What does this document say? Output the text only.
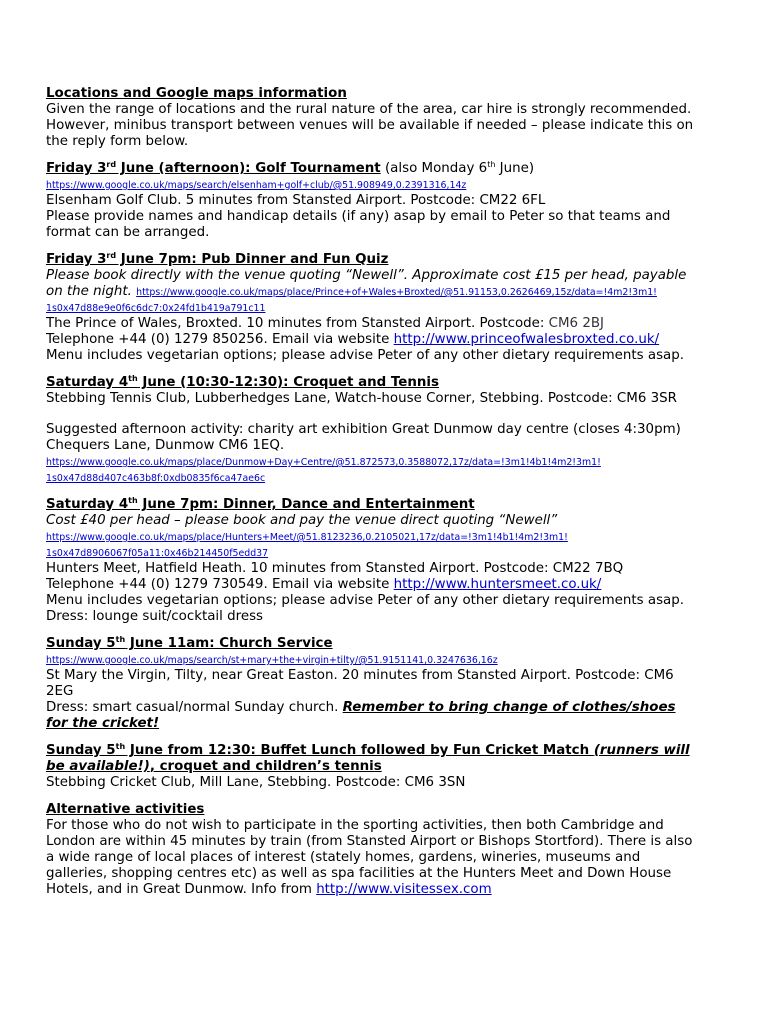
Locations and Google maps information

Given the range of locations and the rural nature of the area, car hire is strongly recommended.

However, minibus transport between venues will be available if needed – please indicate this on

the reply form below.

Friday 3rd June (afternoon): Golf Tournament (also Monday 6th June)

https://www.google.co.uk/maps/search/elsenham+golf+club/@51.908949,0.2391316,14z

Elsenham Golf Club. 5 minutes from Stansted Airport. Postcode: CM22 6FL

Please provide names and handicap details (if any) asap by email to Peter so that teams and

format can be arranged.

Friday 3rd June 7pm: Pub Dinner and Fun Quiz

Please book directly with the venue quoting “Newell”. Approximate cost £15 per head, payable

on the night. https://www.google.co.uk/maps/place/Prince+of+Wales+Broxted/@51.91153,0.2626469,15z/data=!4m2!3m1!

1s0x47d88e9e0f6c6dc7:0x24fd1b419a791c11

The Prince of Wales, Broxted. 10 minutes from Stansted Airport. Postcode: CM6 2BJ

Telephone +44 (0) 1279 850256. Email via website http://www.princeofwalesbroxted.co.uk/

Menu includes vegetarian options; please advise Peter of any other dietary requirements asap.

Saturday 4th June (10:30-12:30): Croquet and Tennis

Stebbing Tennis Club, Lubberhedges Lane, Watch-house Corner, Stebbing. Postcode: CM6 3SR

Suggested afternoon activity: charity art exhibition Great Dunmow day centre (closes 4:30pm)

Chequers Lane, Dunmow CM6 1EQ.

https://www.google.co.uk/maps/place/Dunmow+Day+Centre/@51.872573,0.3588072,17z/data=!3m1!4b1!4m2!3m1!

1s0x47d88d407c463b8f:0xdb0835f6ca47ae6c

Saturday 4th June 7pm: Dinner, Dance and Entertainment

Cost £40 per head – please book and pay the venue direct quoting “Newell”

https://www.google.co.uk/maps/place/Hunters+Meet/@51.8123236,0.2105021,17z/data=!3m1!4b1!4m2!3m1!

1s0x47d8906067f05a11:0x46b214450f5edd37

Hunters Meet, Hatfield Heath. 10 minutes from Stansted Airport. Postcode: CM22 7BQ

Telephone +44 (0) 1279 730549. Email via website http://www.huntersmeet.co.uk/

Menu includes vegetarian options; please advise Peter of any other dietary requirements asap.

Dress: lounge suit/cocktail dress

Sunday 5th June 11am: Church Service

https://www.google.co.uk/maps/search/st+mary+the+virgin+tilty/@51.9151141,0.3247636,16z

St Mary the Virgin, Tilty, near Great Easton. 20 minutes from Stansted Airport. Postcode: CM6

2EG

Dress: smart casual/normal Sunday church. Remember to bring change of clothes/shoes

for the cricket!

Sunday 5th June from 12:30: Buffet Lunch followed by Fun Cricket Match (runners will

be available!), croquet and children’s tennis

Stebbing Cricket Club, Mill Lane, Stebbing. Postcode: CM6 3SN

Alternative activities

For those who do not wish to participate in the sporting activities, then both Cambridge and

London are within 45 minutes by train (from Stansted Airport or Bishops Stortford). There is also

a wide range of local places of interest (stately homes, gardens, wineries, museums and

galleries, shopping centres etc) as well as spa facilities at the Hunters Meet and Down House

Hotels, and in Great Dunmow. Info from http://www.visitessex.com
